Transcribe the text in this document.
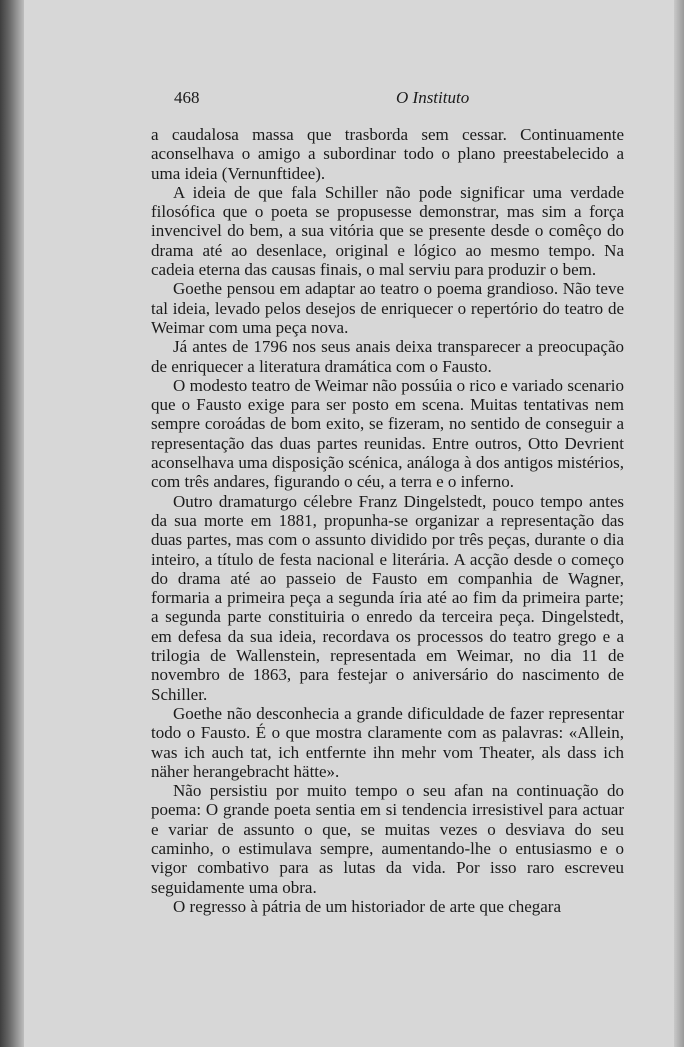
468	O Instituto

a caudalosa massa que trasborda sem cessar. Continuamente aconselhava o amigo a subordinar todo o plano preestabelecido a uma ideia (Vernunftidee).

A ideia de que fala Schiller não pode significar uma verdade filosófica que o poeta se propusesse demonstrar, mas sim a força invencivel do bem, a sua vitória que se presente desde o comêço do drama até ao desenlace, original e lógico ao mesmo tempo. Na cadeia eterna das causas finais, o mal serviu para produzir o bem.

Goethe pensou em adaptar ao teatro o poema grandioso. Não teve tal ideia, levado pelos desejos de enriquecer o repertório do teatro de Weimar com uma peça nova.

Já antes de 1796 nos seus anais deixa transparecer a preocupação de enriquecer a literatura dramática com o Fausto.

O modesto teatro de Weimar não possúia o rico e variado scenario que o Fausto exige para ser posto em scena. Muitas tentativas nem sempre coroádas de bom exito, se fizeram, no sentido de conseguir a representação das duas partes reunidas. Entre outros, Otto Devrient aconselhava uma disposição scénica, análoga à dos antigos mistérios, com três andares, figurando o céu, a terra e o inferno.

Outro dramaturgo célebre Franz Dingelstedt, pouco tempo antes da sua morte em 1881, propunha-se organizar a representação das duas partes, mas com o assunto dividido por três peças, durante o dia inteiro, a título de festa nacional e literária. A acção desde o começo do drama até ao passeio de Fausto em companhia de Wagner, formaria a primeira peça a segunda íria até ao fim da primeira parte; a segunda parte constituiria o enredo da terceira peça. Dingelstedt, em defesa da sua ideia, recordava os processos do teatro grego e a trilogia de Wallenstein, representada em Weimar, no dia 11 de novembro de 1863, para festejar o aniversário do nascimento de Schiller.

Goethe não desconhecia a grande dificuldade de fazer representar todo o Fausto. É o que mostra claramente com as palavras: «Allein, was ich auch tat, ich entfernte ihn mehr vom Theater, als dass ich näher herangebracht hätte».

Não persistiu por muito tempo o seu afan na continuação do poema: O grande poeta sentia em si tendencia irresistivel para actuar e variar de assunto o que, se muitas vezes o desviava do seu caminho, o estimulava sempre, aumentando-lhe o entusiasmo e o vigor combativo para as lutas da vida. Por isso raro escreveu seguidamente uma obra.

O regresso à pátria de um historiador de arte que chegara
